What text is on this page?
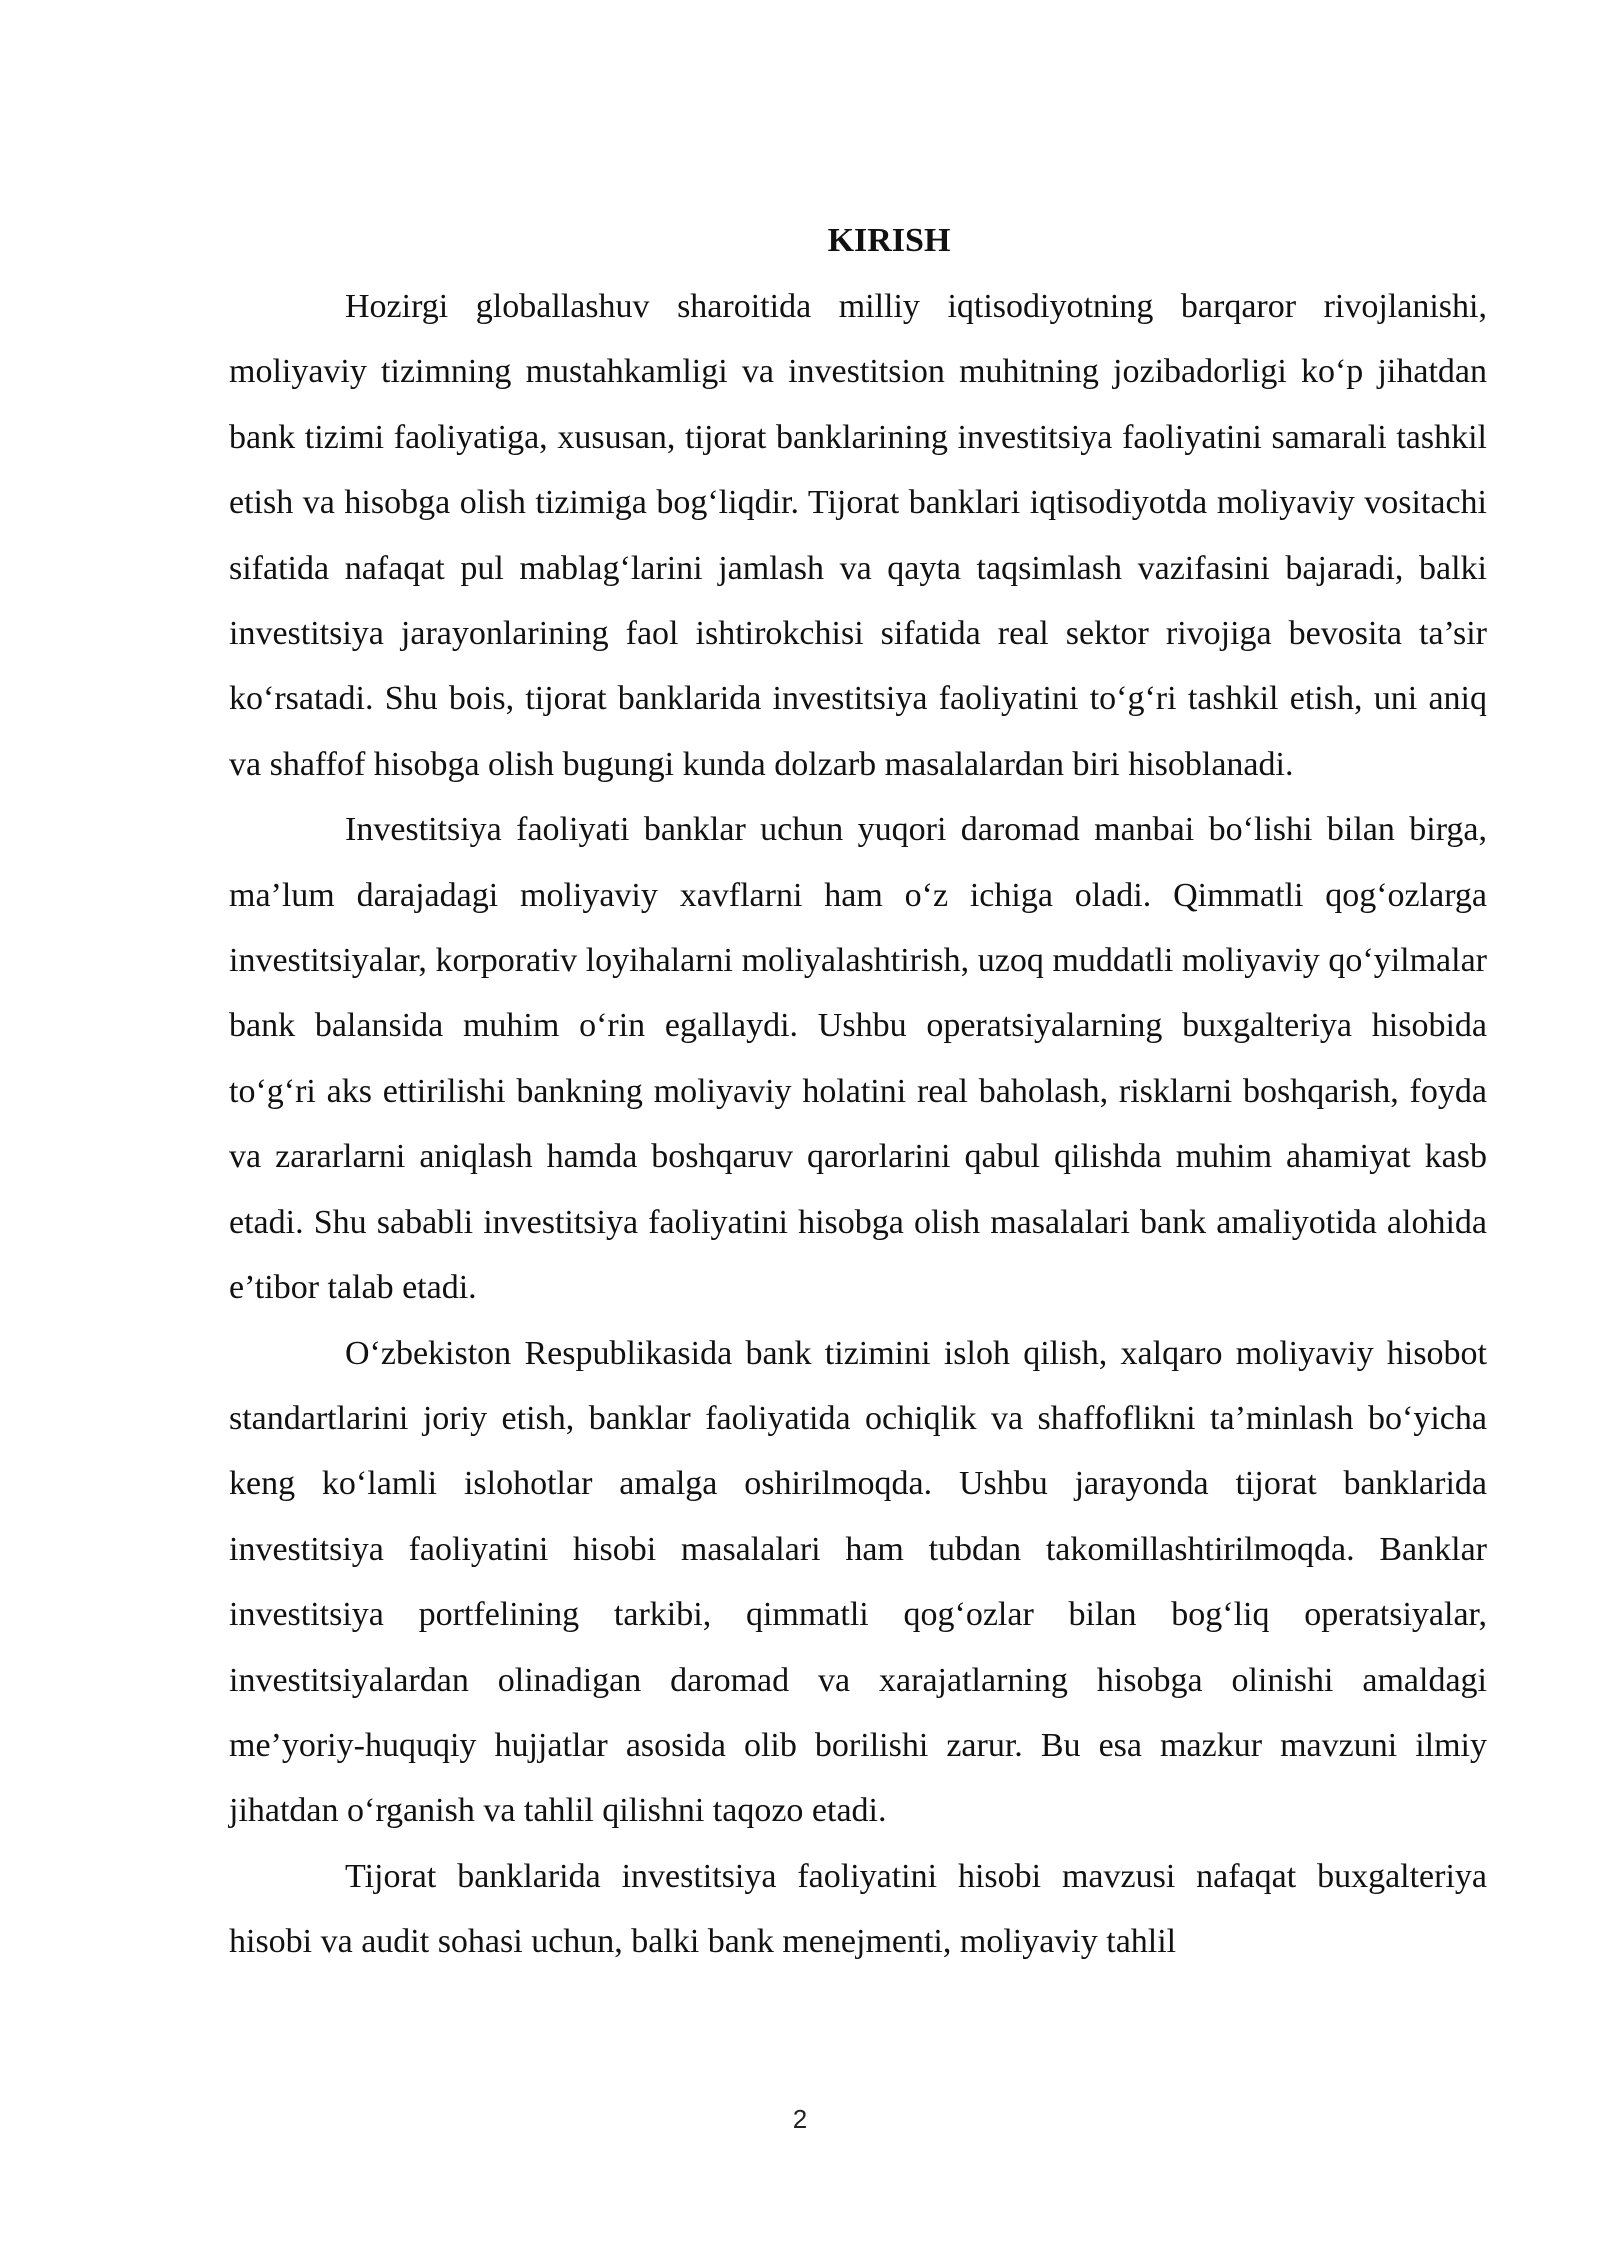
KIRISH

Hozirgi globallashuv sharoitida milliy iqtisodiyotning barqaror rivojlanishi, moliyaviy tizimning mustahkamligi va investitsion muhitning jozibadorligi ko‘p jihatdan bank tizimi faoliyatiga, xususan, tijorat banklarining investitsiya faoliyatini samarali tashkil etish va hisobga olish tizimiga bog‘liqdir. Tijorat banklari iqtisodiyotda moliyaviy vositachi sifatida nafaqat pul mablag‘larini jamlash va qayta taqsimlash vazifasini bajaradi, balki investitsiya jarayonlarining faol ishtirokchisi sifatida real sektor rivojiga bevosita ta’sir ko‘rsatadi. Shu bois, tijorat banklarida investitsiya faoliyatini to‘g‘ri tashkil etish, uni aniq va shaffof hisobga olish bugungi kunda dolzarb masalalardan biri hisoblanadi.

Investitsiya faoliyati banklar uchun yuqori daromad manbai bo‘lishi bilan birga, ma’lum darajadagi moliyaviy xavflarni ham o‘z ichiga oladi. Qimmatli qog‘ozlarga investitsiyalar, korporativ loyihalarni moliyalashtirish, uzoq muddatli moliyaviy qo‘yilmalar bank balansida muhim o‘rin egallaydi. Ushbu operatsiyalarning buxgalteriya hisobida to‘g‘ri aks ettirilishi bankning moliyaviy holatini real baholash, risklarni boshqarish, foyda va zararlarni aniqlash hamda boshqaruv qarorlarini qabul qilishda muhim ahamiyat kasb etadi. Shu sababli investitsiya faoliyatini hisobga olish masalalari bank amaliyotida alohida e’tibor talab etadi.

O‘zbekiston Respublikasida bank tizimini isloh qilish, xalqaro moliyaviy hisobot standartlarini joriy etish, banklar faoliyatida ochiqlik va shaffoflikni ta’minlash bo‘yicha keng ko‘lamli islohotlar amalga oshirilmoqda. Ushbu jarayonda tijorat banklarida investitsiya faoliyatini hisobi masalalari ham tubdan takomillashtirilmoqda. Banklar investitsiya portfelining tarkibi, qimmatli qog‘ozlar bilan bog‘liq operatsiyalar, investitsiyalardan olinadigan daromad va xarajatlarning hisobga olinishi amaldagi me’yoriy-huquqiy hujjatlar asosida olib borilishi zarur. Bu esa mazkur mavzuni ilmiy jihatdan o‘rganish va tahlil qilishni taqozo etadi.

Tijorat banklarida investitsiya faoliyatini hisobi mavzusi nafaqat buxgalteriya hisobi va audit sohasi uchun, balki bank menejmenti, moliyaviy tahlil

2
